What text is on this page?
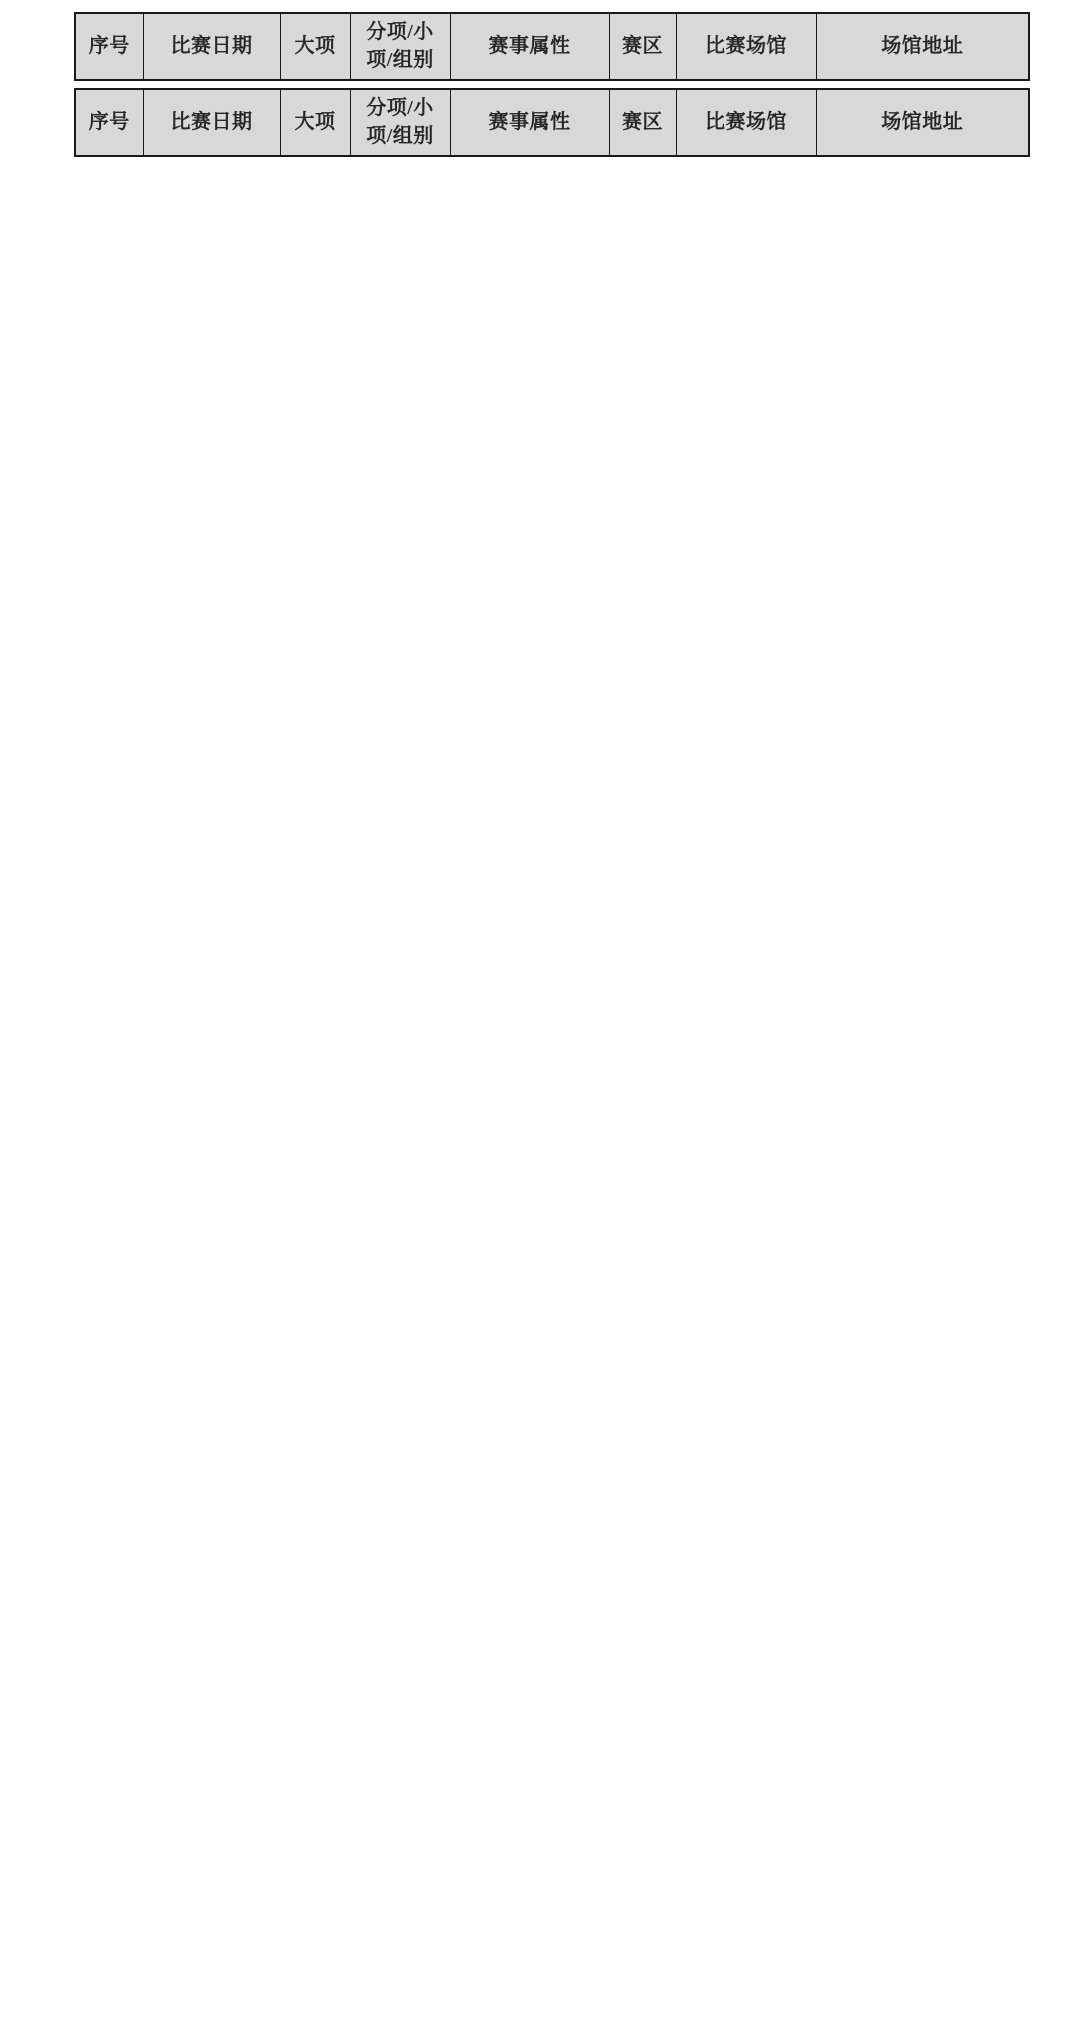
序号	比赛日期	大项	分项/小项/组别	赛事属性	赛区	比赛场馆	场馆地址
序号	比赛日期	大项	分项/小项/组别	赛事属性	赛区	比赛场馆	场馆地址
